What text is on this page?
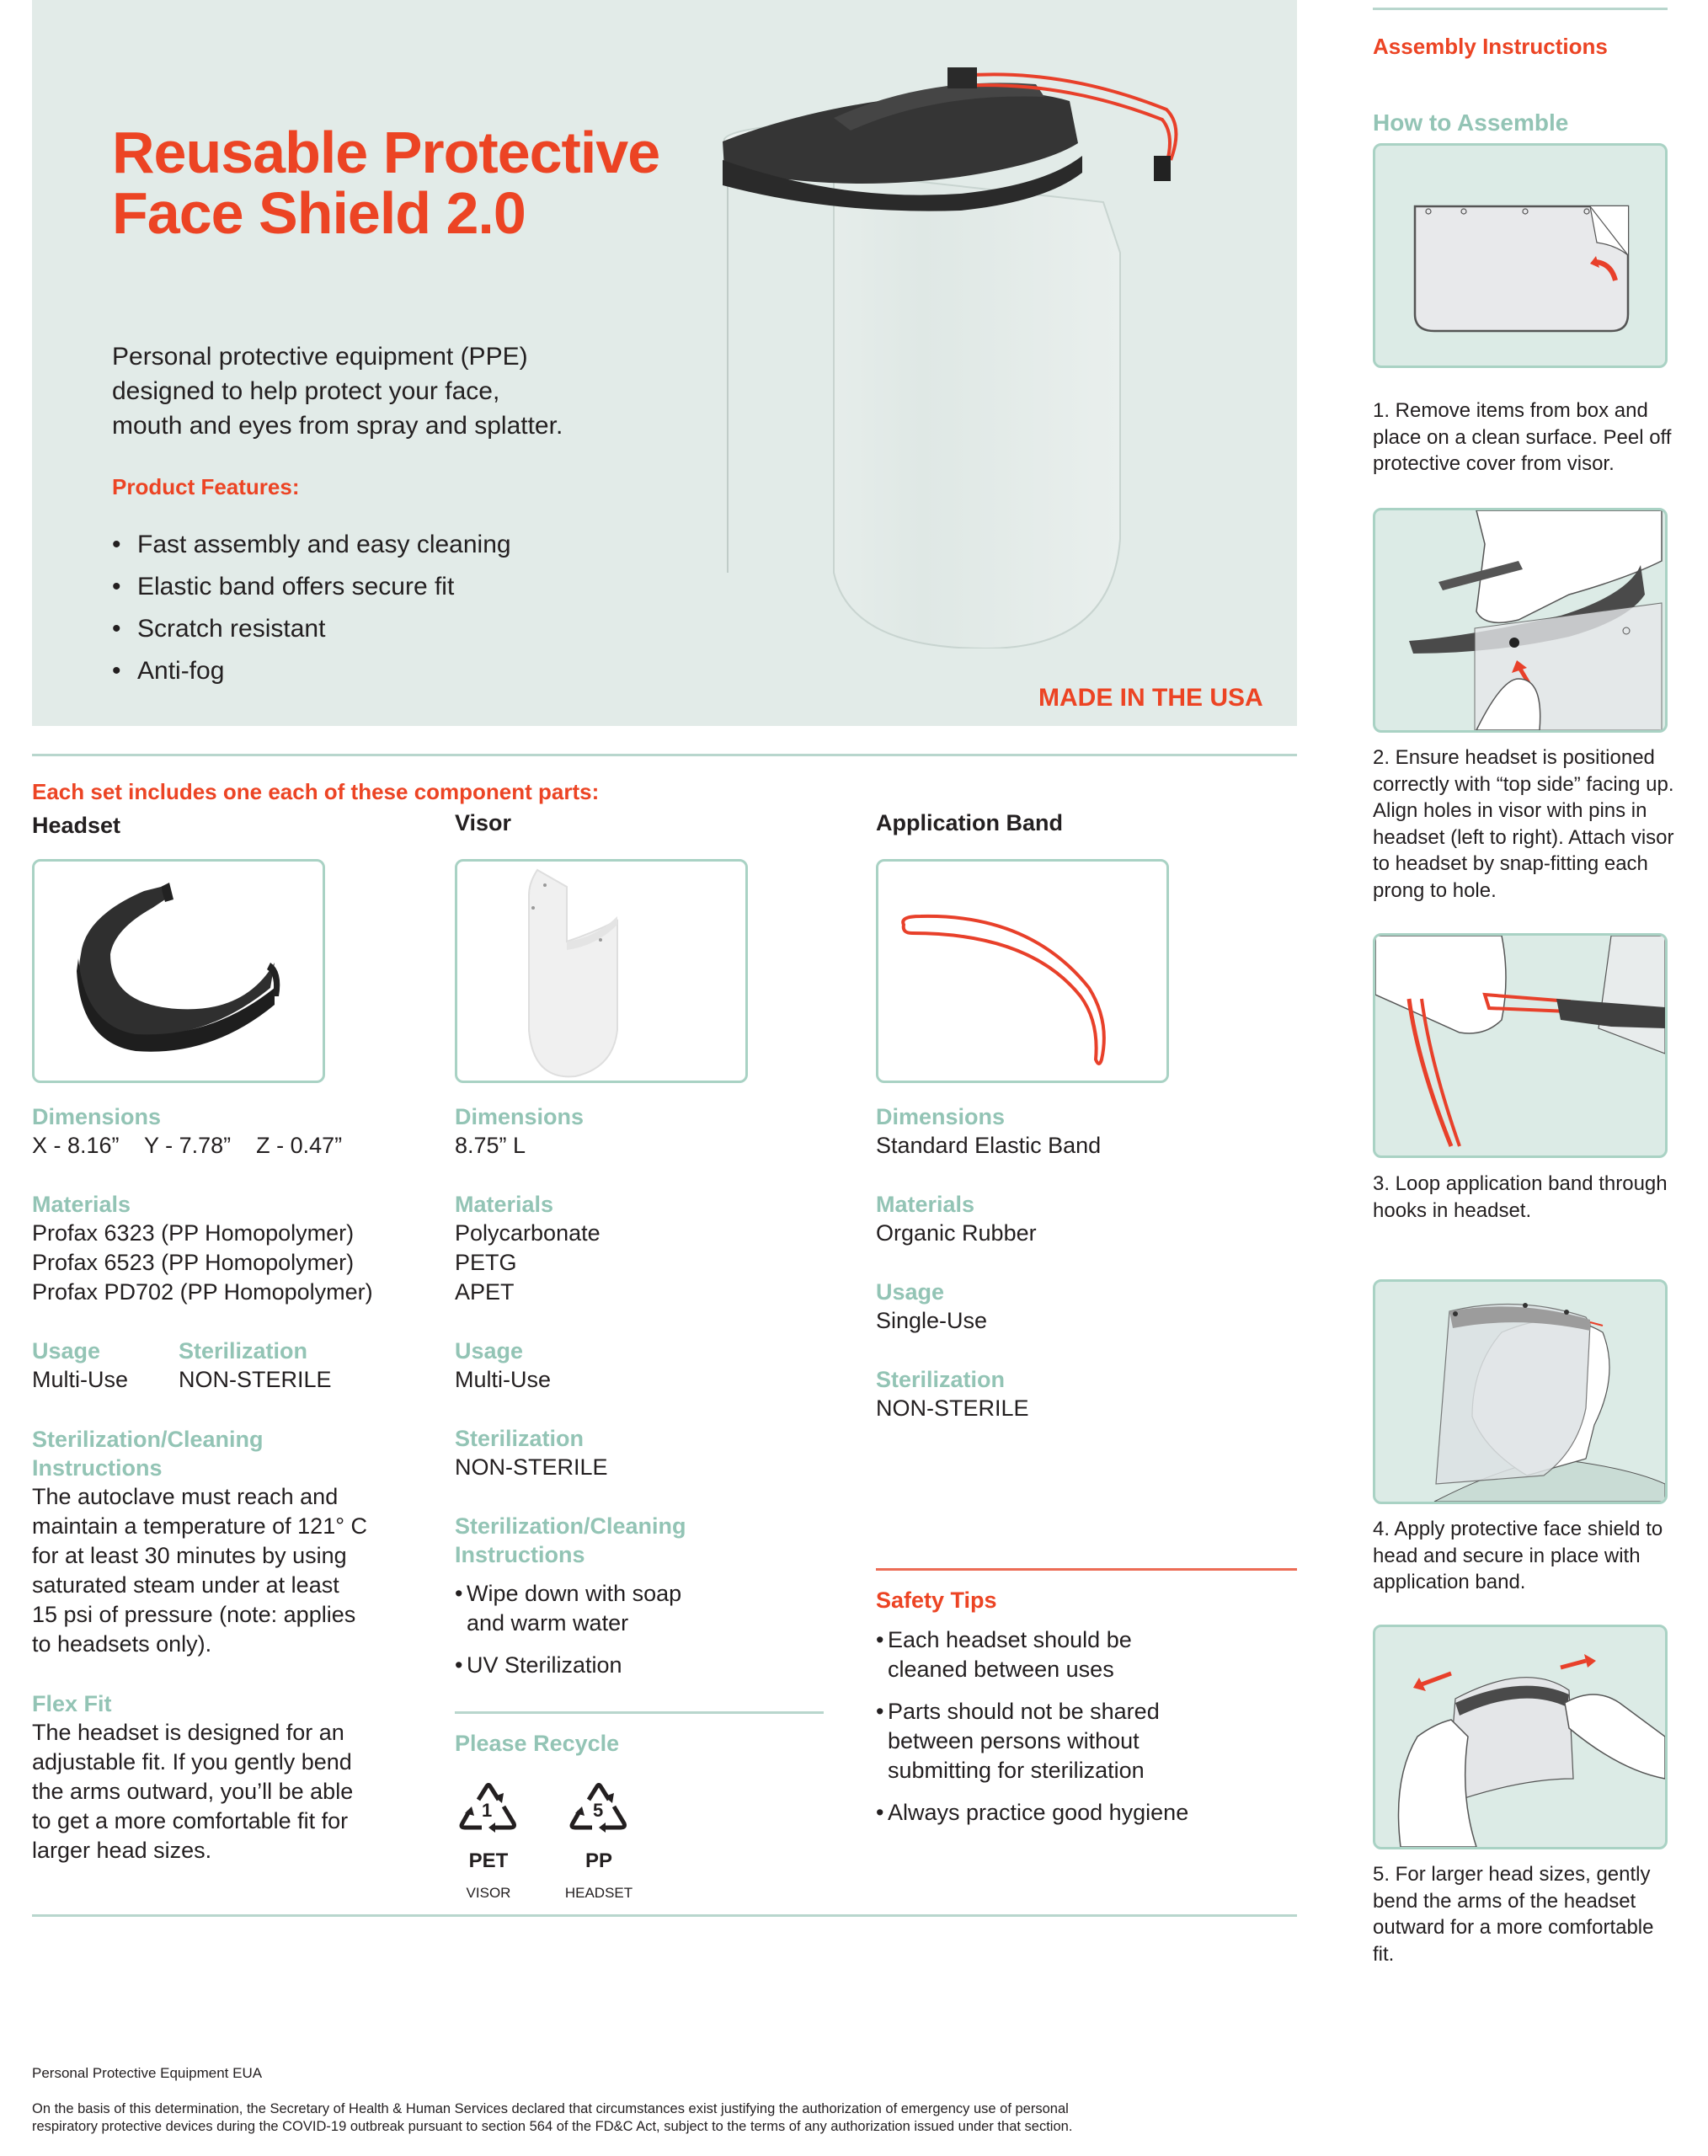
Reusable Protective
Face Shield 2.0
Personal protective equipment (PPE)
designed to help protect your face,
mouth and eyes from spray and splatter.
Product Features:
• Fast assembly and easy cleaning
• Elastic band offers secure fit
• Scratch resistant
• Anti-fog
MADE IN THE USA
Each set includes one each of these component parts:
Headset	Visor	Application Band
Dimensions
X - 8.16”    Y - 7.78”    Z - 0.47”
Materials
Profax 6323 (PP Homopolymer)
Profax 6523 (PP Homopolymer)
Profax PD702 (PP Homopolymer)
Usage
Multi-Use
Sterilization
NON-STERILE
Sterilization/Cleaning
Instructions
The autoclave must reach and
maintain a temperature of 121° C
for at least 30 minutes by using
saturated steam under at least
15 psi of pressure (note: applies
to headsets only).
Flex Fit
The headset is designed for an
adjustable fit. If you gently bend
the arms outward, you’ll be able
to get a more comfortable fit for
larger head sizes.
Dimensions
8.75” L
Materials
Polycarbonate
PETG
APET
Usage
Multi-Use
Sterilization
NON-STERILE
Sterilization/Cleaning
Instructions
• Wipe down with soap and warm water
• UV Sterilization
Please Recycle
1
PET
VISOR
5
PP
HEADSET
Dimensions
Standard Elastic Band
Materials
Organic Rubber
Usage
Single-Use
Sterilization
NON-STERILE
Safety Tips
• Each headset should be cleaned between uses
• Parts should not be shared between persons without submitting for sterilization
• Always practice good hygiene
Assembly Instructions
How to Assemble
1. Remove items from box and place on a clean surface. Peel off protective cover from visor.
2. Ensure headset is positioned correctly with “top side” facing up. Align holes in visor with pins in headset (left to right). Attach visor to headset by snap-fitting each prong to hole.
3. Loop application band through hooks in headset.
4. Apply protective face shield to head and secure in place with application band.
5. For larger head sizes, gently bend the arms of the headset outward for a more comfortable fit.
Personal Protective Equipment EUA
On the basis of this determination, the Secretary of Health & Human Services declared that circumstances exist justifying the authorization of emergency use of personal
respiratory protective devices during the COVID-19 outbreak pursuant to section 564 of the FD&C Act, subject to the terms of any authorization issued under that section.
